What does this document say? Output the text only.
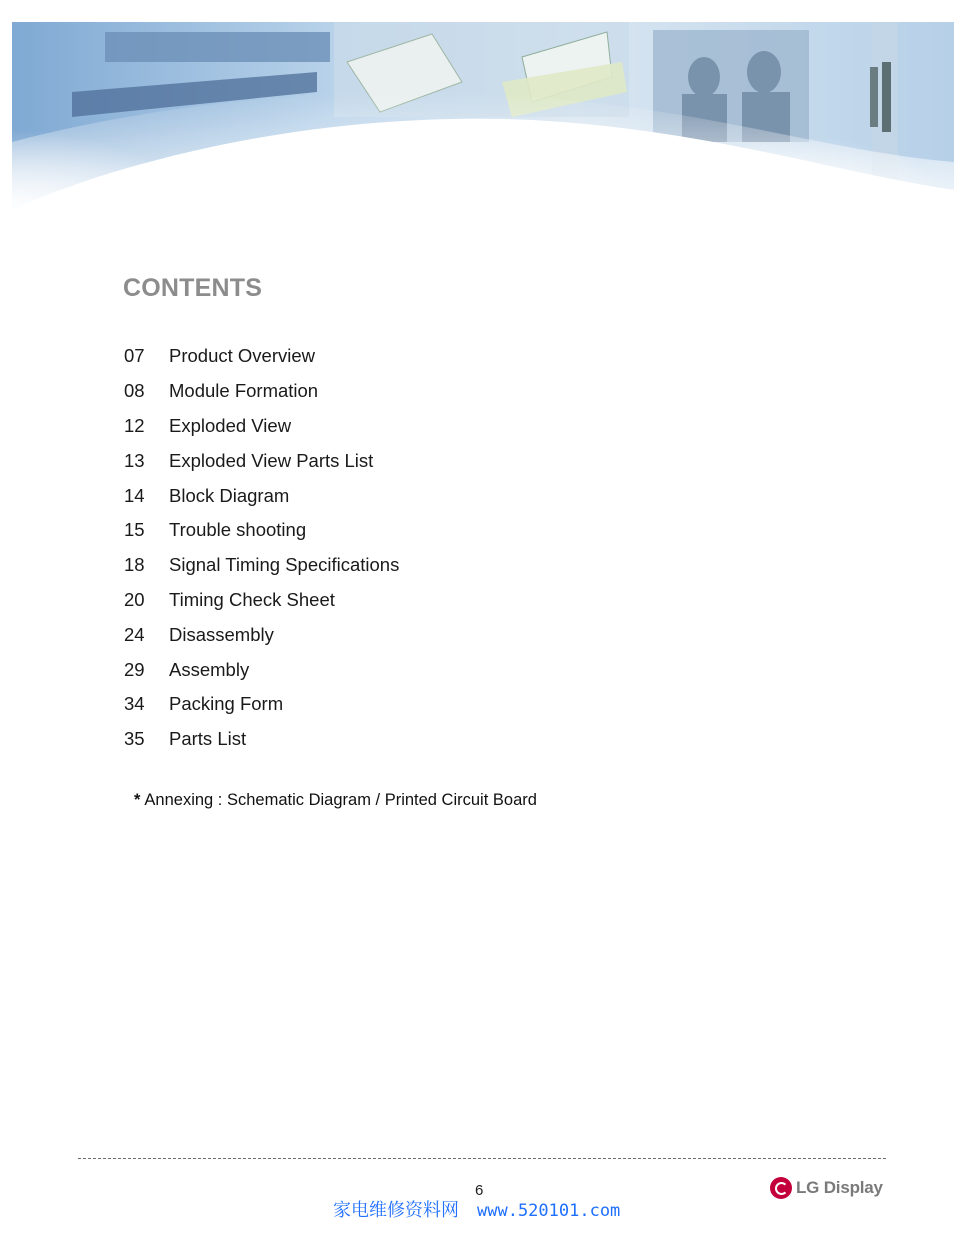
CONTENTS
07	Product Overview
08	Module Formation
12	Exploded View
13	Exploded View Parts List
14	Block Diagram
15	Trouble shooting
18	Signal Timing Specifications
20	Timing Check Sheet
24	Disassembly
29	Assembly
34	Packing Form
35	Parts List
* Annexing : Schematic Diagram / Printed Circuit Board
6
家电维修资料网 www.520101.com
LG Display
